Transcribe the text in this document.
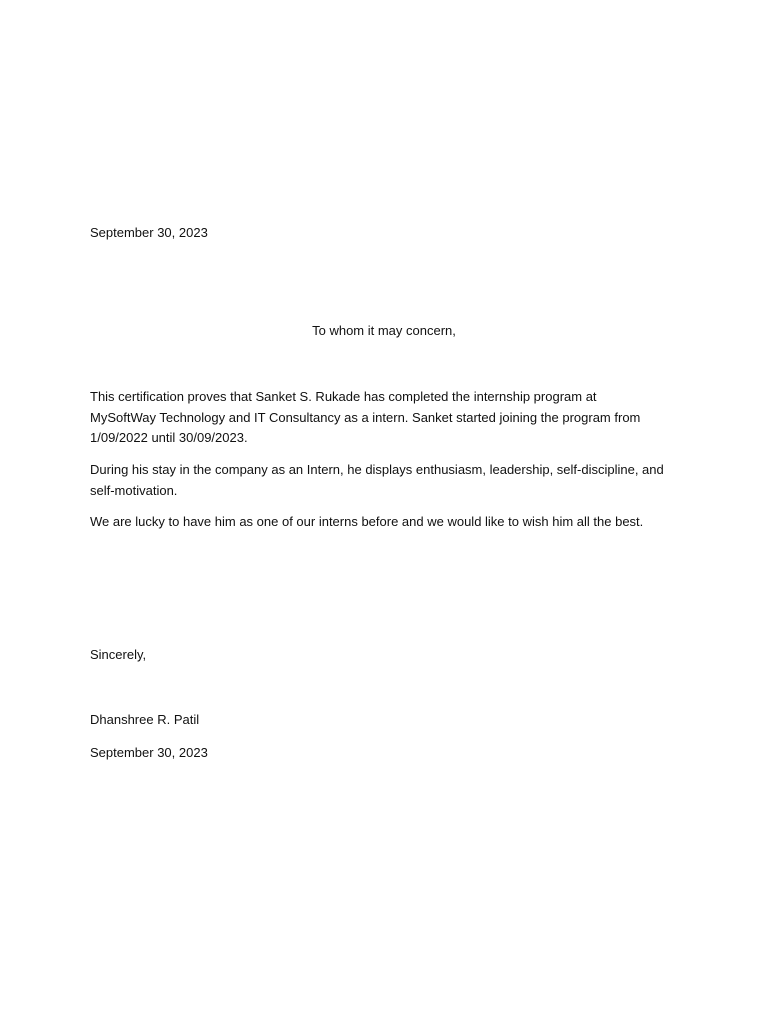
September 30, 2023
To whom it may concern,
This certification proves that Sanket S. Rukade has completed the internship program at MySoftWay Technology and IT Consultancy as a intern. Sanket started joining the program from 1/09/2022 until 30/09/2023.
During his stay in the company as an Intern, he displays enthusiasm, leadership, self-discipline, and self-motivation.
We are lucky to have him as one of our interns before and we would like to wish him all the best.
Sincerely,
Dhanshree R. Patil
September 30, 2023
